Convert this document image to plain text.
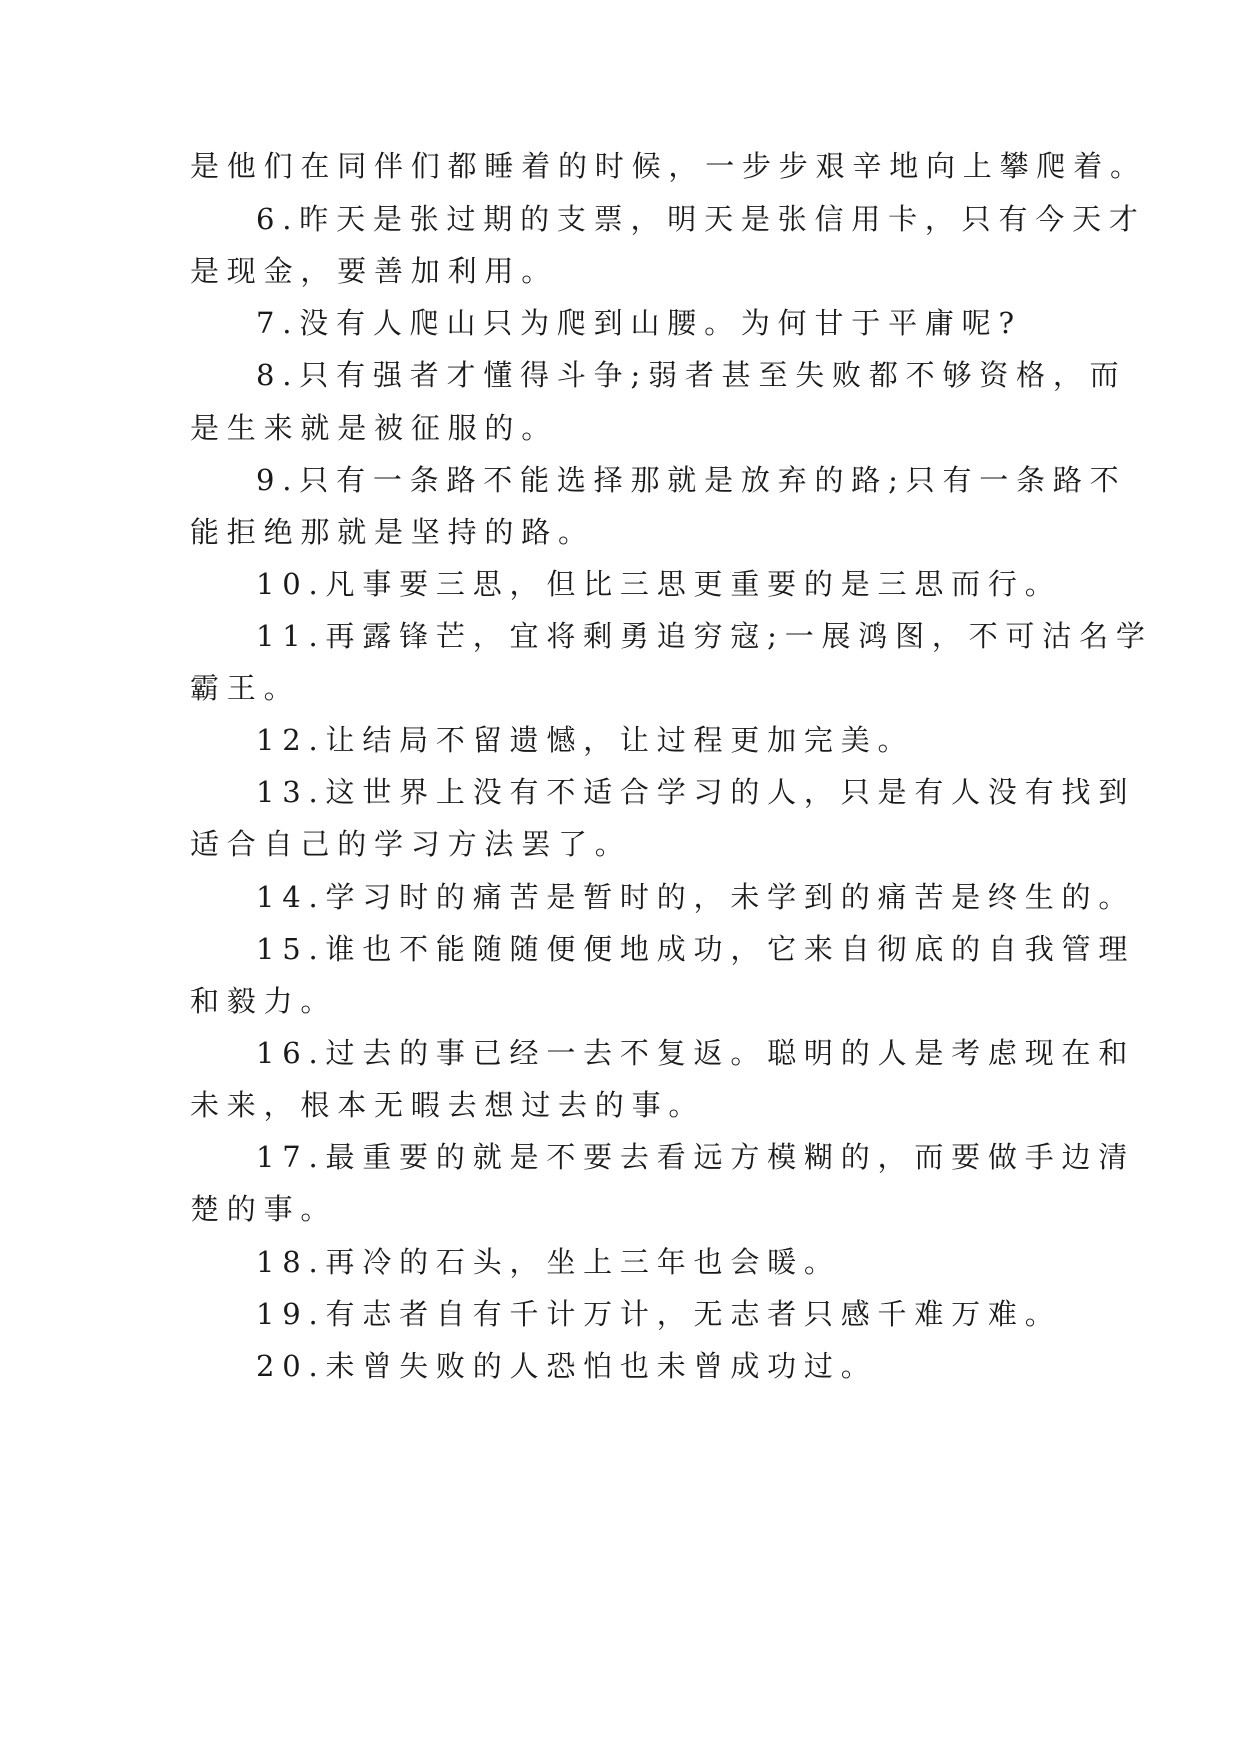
是他们在同伴们都睡着的时候，一步步艰辛地向上攀爬着。
6.昨天是张过期的支票，明天是张信用卡，只有今天才
是现金，要善加利用。
7.没有人爬山只为爬到山腰。为何甘于平庸呢?
8.只有强者才懂得斗争;弱者甚至失败都不够资格，而
是生来就是被征服的。
9.只有一条路不能选择那就是放弃的路;只有一条路不
能拒绝那就是坚持的路。
10.凡事要三思，但比三思更重要的是三思而行。
11.再露锋芒，宜将剩勇追穷寇;一展鸿图，不可沽名学
霸王。
12.让结局不留遗憾，让过程更加完美。
13.这世界上没有不适合学习的人，只是有人没有找到
适合自己的学习方法罢了。
14.学习时的痛苦是暂时的，未学到的痛苦是终生的。
15.谁也不能随随便便地成功，它来自彻底的自我管理
和毅力。
16.过去的事已经一去不复返。聪明的人是考虑现在和
未来，根本无暇去想过去的事。
17.最重要的就是不要去看远方模糊的，而要做手边清
楚的事。
18.再冷的石头，坐上三年也会暖。
19.有志者自有千计万计，无志者只感千难万难。
20.未曾失败的人恐怕也未曾成功过。
